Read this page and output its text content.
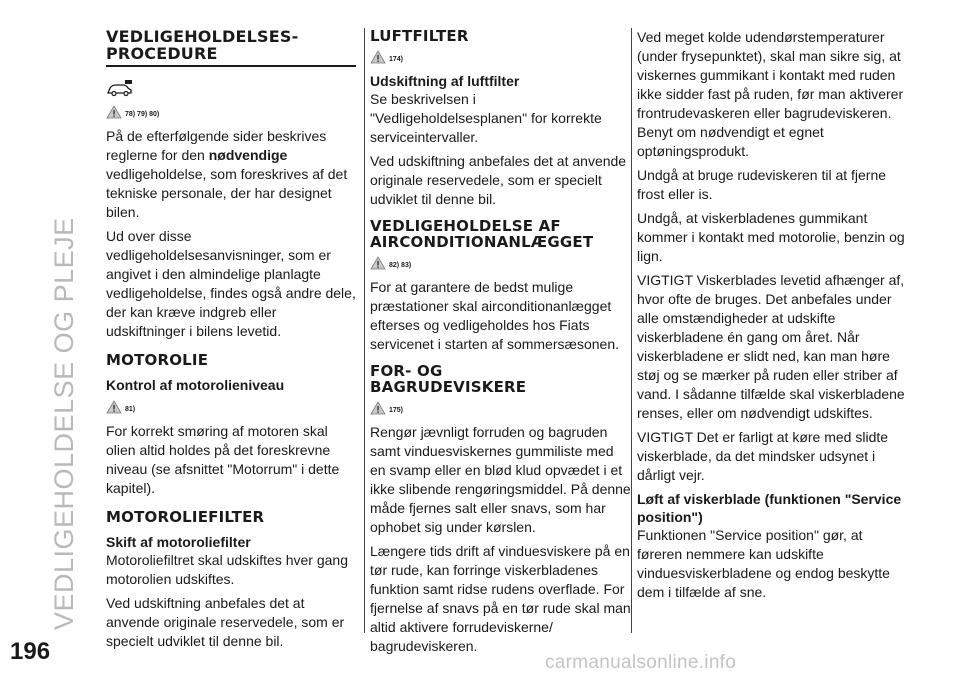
VEDLIGEHOLDELSE OG PLEJE
196	carmanualsonline.info
VEDLIGEHOLDELSES-PROCEDURE
78) 79) 80)

På de efterfølgende sider beskrives reglerne for den nødvendige vedligeholdelse, som foreskrives af det tekniske personale, der har designet bilen.

Ud over disse vedligeholdelsesanvisninger, som er angivet i den almindelige planlagte vedligeholdelse, findes også andre dele, der kan kræve indgreb eller udskiftninger i bilens levetid.

MOTOROLIE
Kontrol af motorolieniveau
81)

For korrekt smøring af motoren skal olien altid holdes på det foreskrevne niveau (se afsnittet "Motorrum" i dette kapitel).

MOTOROLIEFILTER
Skift af motoroliefilter

Motoroliefiltret skal udskiftes hver gang motorolien udskiftes.

Ved udskiftning anbefales det at anvende originale reservedele, som er specielt udviklet til denne bil.

LUFTFILTER
174)
Udskiftning af luftfilter

Se beskrivelsen i "Vedligeholdelsesplanen" for korrekte serviceintervaller.

Ved udskiftning anbefales det at anvende originale reservedele, som er specielt udviklet til denne bil.

VEDLIGEHOLDELSE AF AIRCONDITIONANLÆGGET
82) 83)

For at garantere de bedst mulige præstationer skal airconditionanlægget efterses og vedligeholdes hos Fiats servicenet i starten af sommersæsonen.

FOR- OG BAGRUDEVISKERE
175)

Rengør jævnligt forruden og bagruden samt vinduesviskernes gummiliste med en svamp eller en blød klud opvædet i et ikke slibende rengøringsmiddel. På denne måde fjernes salt eller snavs, som har ophobet sig under kørslen.

Længere tids drift af vinduesviskere på en tør rude, kan forringe viskerbladenes funktion samt ridse rudens overflade. For fjernelse af snavs på en tør rude skal man altid aktivere forrudeviskerne/ bagrudeviskeren.

Ved meget kolde udendørstemperaturer (under frysepunktet), skal man sikre sig, at viskernes gummikant i kontakt med ruden ikke sidder fast på ruden, før man aktiverer frontrudevaskeren eller bagrudeviskeren. Benyt om nødvendigt et egnet optøningsprodukt.

Undgå at bruge rudeviskeren til at fjerne frost eller is.

Undgå, at viskerbladenes gummikant kommer i kontakt med motorolie, benzin og lign.

VIGTIGT Viskerblades levetid afhænger af, hvor ofte de bruges. Det anbefales under alle omstændigheder at udskifte viskerbladene én gang om året. Når viskerbladene er slidt ned, kan man høre støj og se mærker på ruden eller striber af vand. I sådanne tilfælde skal viskerbladene renses, eller om nødvendigt udskiftes.

VIGTIGT Det er farligt at køre med slidte viskerblade, da det mindsker udsynet i dårligt vejr.

Løft af viskerblade (funktionen "Service position")

Funktionen "Service position" gør, at føreren nemmere kan udskifte vinduesviskerbladene og endog beskytte dem i tilfælde af sne.
